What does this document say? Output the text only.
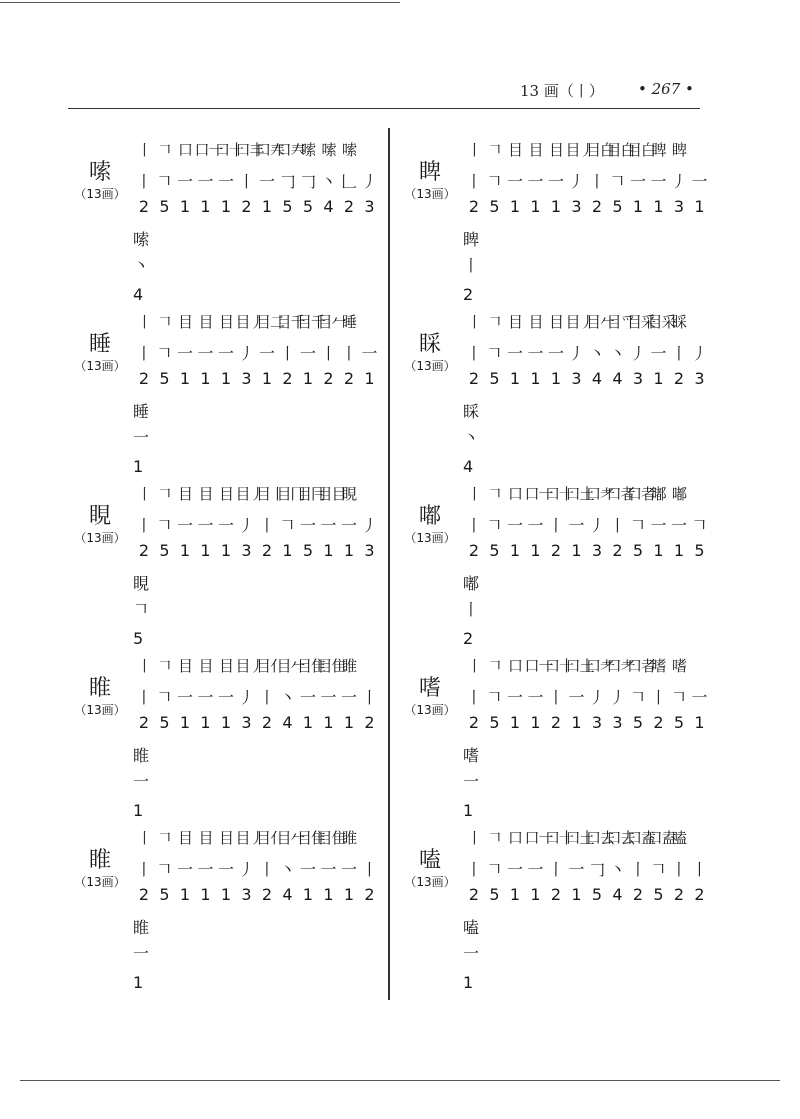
13 画（丨） • 267 •
嗦
（13画）
丨 𠃍 口 口一
口十
口丰
口𡗗
口𡗗
嗦 嗦 嗦
丨 𠃍 一 一 一 丨 一 𠃌 𠃌 丶 𠃊 丿
2 5 1 1 1 2 1 5 5 4 2 3
嗦
丶
4
睡
（13画）
丨 𠃍 目 目 目 目丿
目二
目千
目千
目𠂉
睡
丨 𠃍 一 一 一 丿 一 丨 一 丨 丨 一
2 5 1 1 1 3 1 2 1 2 2 1
睡
一
1
睍
（13画）
丨 𠃍 目 目 目 目丿
目丨
目冂
目冃
目目
睍
丨 𠃍 一 一 一 丿 丨 𠃍 一 一 一 丿
2 5 1 1 1 3 2 1 5 1 1 3
睍
𠃍
5
睢
（13画）
丨 𠃍 目 目 目 目丿
目亻
目𠂉
目隹
目隹
睢
丨 𠃍 一 一 一 丿 丨 丶 一 一 一 丨
2 5 1 1 1 3 2 4 1 1 1 2
睢
一
1
睢
（13画）
丨 𠃍 目 目 目 目丿
目亻
目𠂉
目隹
目隹
睢
丨 𠃍 一 一 一 丿 丨 丶 一 一 一 丨
2 5 1 1 1 3 2 4 1 1 1 2
睢
一
1
睥
（13画）
丨 𠃍 目 目 目 目丿
目白
目白
目白
睥 睥
丨 𠃍 一 一 一 丿 丨 𠃍 一 一 丿 一
2 5 1 1 1 3 2 5 1 1 3 1
睥
丨
2
睬
（13画）
丨 𠃍 目 目 目 目丿
目𠂉
目爫
目采
目采
睬
丨 𠃍 一 一 一 丿 丶 丶 丿 一 丨 丿
2 5 1 1 1 3 4 4 3 1 2 3
睬
丶
4
嘟
（13画）
丨 𠃍 口 口一
口十
口土
口耂
口者
口者
嘟 嘟
丨 𠃍 一 一 丨 一 丿 丨 𠃍 一 一 𠃍
2 5 1 1 2 1 3 2 5 1 1 5
嘟
丨
2
嗜
（13画）
丨 𠃍 口 口一
口十
口土
口耂
口耂
口者
嗜 嗜
丨 𠃍 一 一 丨 一 丿 丿 𠃍 丨 𠃍 一
2 5 1 1 2 1 3 3 5 2 5 1
嗜
一
1
嗑
（13画）
丨 𠃍 口 口一
口十
口土
口去
口去
口盍
口盍
嗑
丨 𠃍 一 一 丨 一 𠃌 丶 丨 𠃍 丨 丨
2 5 1 1 2 1 5 4 2 5 2 2
嗑
一
1
